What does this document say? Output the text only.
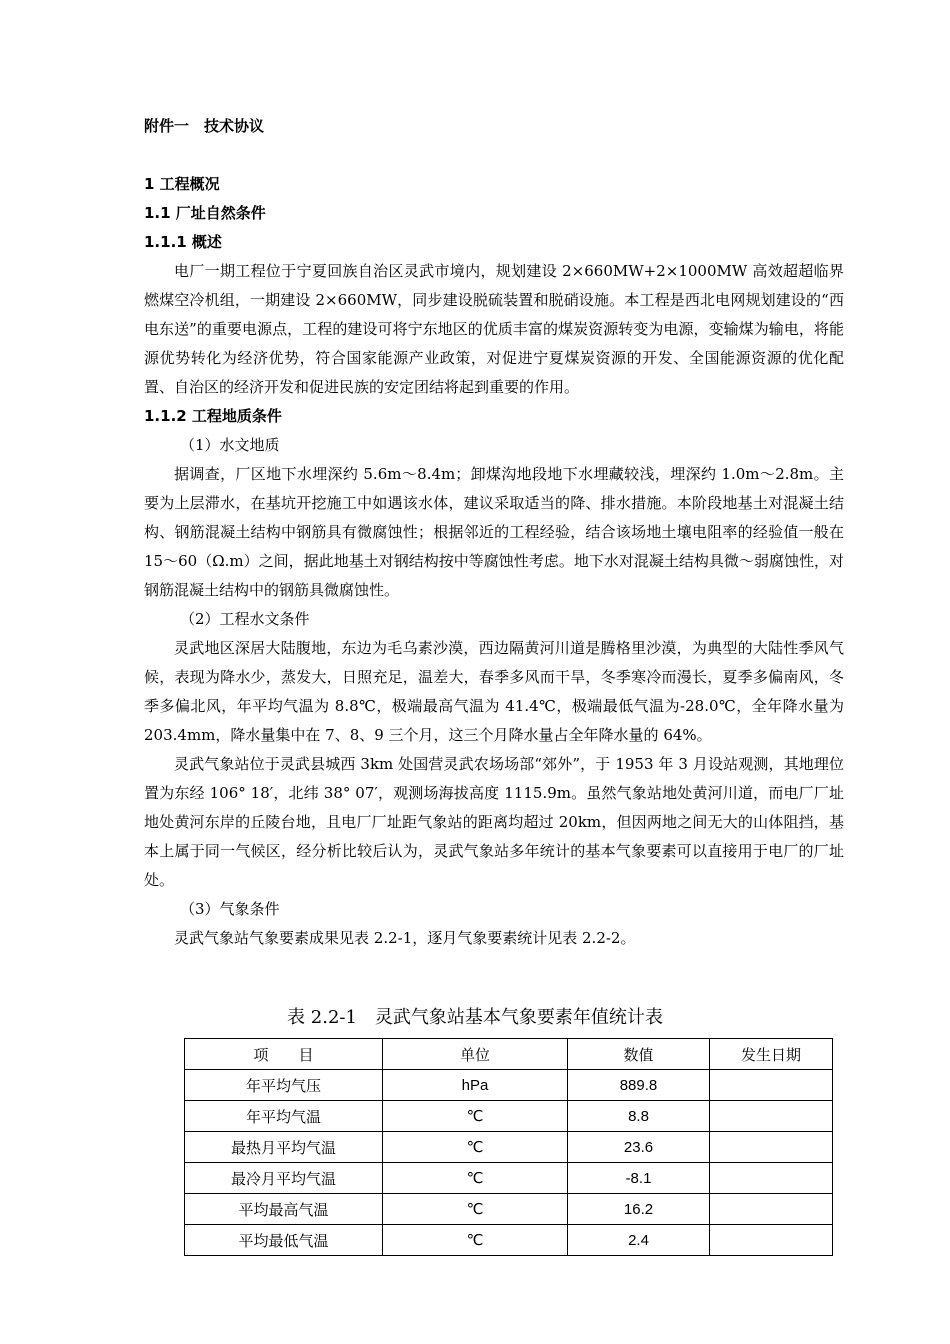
附件一　技术协议
1 工程概况
1.1 厂址自然条件
1.1.1 概述

电厂一期工程位于宁夏回族自治区灵武市境内，规划建设 2×660MW+2×1000MW 高效超超临界燃煤空冷机组，一期建设 2×660MW，同步建设脱硫装置和脱硝设施。本工程是西北电网规划建设的“西电东送”的重要电源点，工程的建设可将宁东地区的优质丰富的煤炭资源转变为电源，变输煤为输电，将能源优势转化为经济优势，符合国家能源产业政策，对促进宁夏煤炭资源的开发、全国能源资源的优化配置、自治区的经济开发和促进民族的安定团结将起到重要的作用。

1.1.2 工程地质条件
（1）水文地质

据调查，厂区地下水埋深约 5.6m～8.4m；卸煤沟地段地下水埋藏较浅，埋深约 1.0m～2.8m。主要为上层滞水，在基坑开挖施工中如遇该水体，建议采取适当的降、排水措施。本阶段地基土对混凝土结构、钢筋混凝土结构中钢筋具有微腐蚀性；根据邻近的工程经验，结合该场地土壤电阻率的经验值一般在 15～60（Ω.m）之间，据此地基土对钢结构按中等腐蚀性考虑。地下水对混凝土结构具微～弱腐蚀性，对钢筋混凝土结构中的钢筋具微腐蚀性。

（2）工程水文条件

灵武地区深居大陆腹地，东边为毛乌素沙漠，西边隔黄河川道是腾格里沙漠，为典型的大陆性季风气候，表现为降水少，蒸发大，日照充足，温差大，春季多风而干旱，冬季寒冷而漫长，夏季多偏南风，冬季多偏北风，年平均气温为 8.8℃，极端最高气温为 41.4℃，极端最低气温为-28.0℃，全年降水量为 203.4mm，降水量集中在 7、8、9 三个月，这三个月降水量占全年降水量的 64%。

灵武气象站位于灵武县城西 3km 处国营灵武农场场部“郊外”，于 1953 年 3 月设站观测，其地理位置为东经 106° 18′，北纬 38° 07′，观测场海拔高度 1115.9m。虽然气象站地处黄河川道，而电厂厂址地处黄河东岸的丘陵台地，且电厂厂址距气象站的距离均超过 20km，但因两地之间无大的山体阻挡，基本上属于同一气候区，经分析比较后认为，灵武气象站多年统计的基本气象要素可以直接用于电厂的厂址处。

（3）气象条件

灵武气象站气象要素成果见表 2.2-1，逐月气象要素统计见表 2.2-2。

表 2.2-1　灵武气象站基本气象要素年值统计表
项　　目	单位	数值	发生日期
年平均气压	hPa	889.8	
年平均气温	℃	8.8	
最热月平均气温	℃	23.6	
最冷月平均气温	℃	-8.1	
平均最高气温	℃	16.2	
平均最低气温	℃	2.4	
